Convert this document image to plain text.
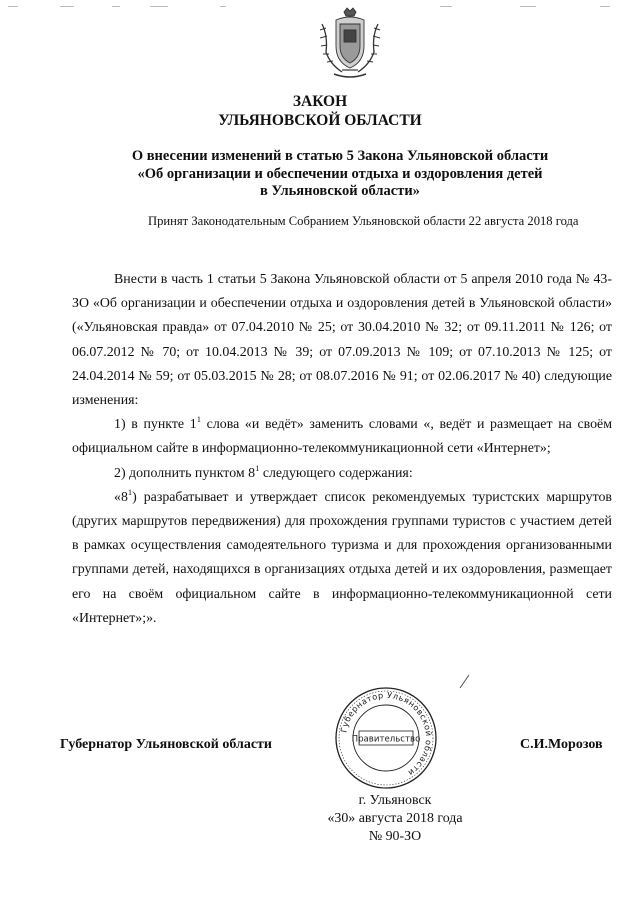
ЗАКОН
УЛЬЯНОВСКОЙ ОБЛАСТИ
О внесении изменений в статью 5 Закона Ульяновской области
«Об организации и обеспечении отдыха и оздоровления детей
в Ульяновской области»
Принят Законодательным Собранием Ульяновской области 22 августа 2018 года

Внести в часть 1 статьи 5 Закона Ульяновской области от 5 апреля 2010 года № 43-ЗО «Об организации и обеспечении отдыха и оздоровления детей в Ульяновской области» («Ульяновская правда» от 07.04.2010 № 25; от 30.04.2010 № 32; от 09.11.2011 № 126; от 06.07.2012 № 70; от 10.04.2013 № 39; от 07.09.2013 № 109; от 07.10.2013 № 125; от 24.04.2014 № 59; от 05.03.2015 № 28; от 08.07.2016 № 91; от 02.06.2017 № 40) следующие изменения:

1) в пункте $1^1$ слова «и ведёт» заменить словами «, ведёт и размещает на своём официальном сайте в информационно-телекоммуникационной сети «Интернет»;

2) дополнить пунктом $8^1$ следующего содержания:

«$8^1$) разрабатывает и утверждает список рекомендуемых туристских маршрутов (других маршрутов передвижения) для прохождения группами туристов с участием детей в рамках осуществления самодеятельного туризма и для прохождения организованными группами детей, находящихся в организациях отдыха детей и их оздоровления, размещает его на своём официальном сайте в информационно-телекоммуникационной сети «Интернет»;».

Губернатор Ульяновской области
Губернатор Ульяновской области
Правительство	С.И.Морозов
г. Ульяновск
«30» августа 2018 года
№ 90-ЗО
